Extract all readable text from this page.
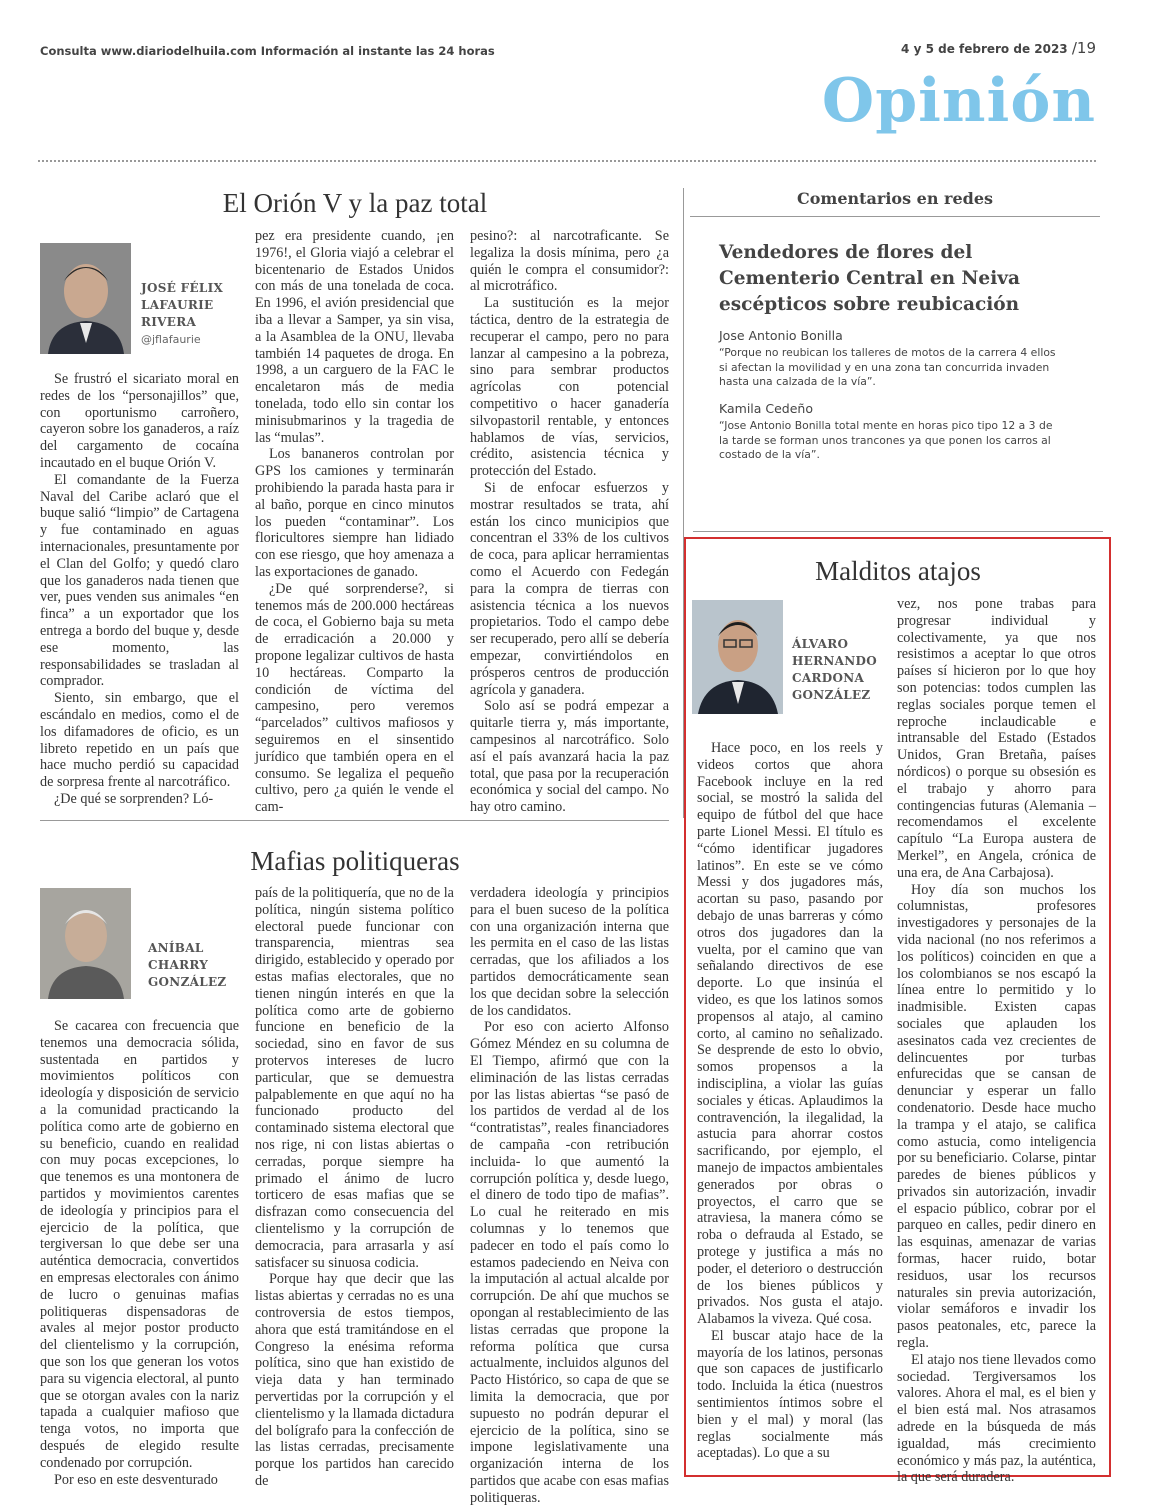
Consulta www.diariodelhuila.com Información al instante las 24 horas	4 y 5 de febrero de 2023 /19
Opinión
El Orión V y la paz total
JOSÉ FÉLIX LAFAURIE RIVERA
@jflafaurie

Se frustró el sicariato moral en redes de los “personajillos” que, con oportunismo carroñero, cayeron sobre los ganaderos, a raíz del cargamento de cocaína incautado en el buque Orión V.

El comandante de la Fuerza Naval del Caribe aclaró que el buque salió “limpio” de Cartagena y fue contaminado en aguas internacionales, presuntamente por el Clan del Golfo; y quedó claro que los ganaderos nada tienen que ver, pues venden sus animales “en finca” a un exportador que los entrega a bordo del buque y, desde ese momento, las responsabilidades se trasladan al comprador.

Siento, sin embargo, que el escándalo en medios, como el de los difamadores de oficio, es un libreto repetido en un país que hace mucho perdió su capacidad de sorpresa frente al narcotráfico.

¿De qué se sorprenden? Ló-

pez era presidente cuando, ¡en 1976!, el Gloria viajó a celebrar el bicentenario de Estados Unidos con más de una tonelada de coca. En 1996, el avión presidencial que iba a llevar a Samper, ya sin visa, a la Asamblea de la ONU, llevaba también 14 paquetes de droga. En 1998, a un carguero de la FAC le encaletaron más de media tonelada, todo ello sin contar los minisubmarinos y la tragedia de las “mulas”.

Los bananeros controlan por GPS los camiones y terminarán prohibiendo la parada hasta para ir al baño, porque en cinco minutos los pueden “contaminar”. Los floricultores siempre han lidiado con ese riesgo, que hoy amenaza a las exportaciones de ganado.

¿De qué sorprenderse?, si tenemos más de 200.000 hectáreas de coca, el Gobierno baja su meta de erradicación a 20.000 y propone legalizar cultivos de hasta 10 hectáreas. Comparto la condición de víctima del campesino, pero veremos “parcelados” cultivos mafiosos y seguiremos en el sinsentido jurídico que también opera en el consumo. Se legaliza el pequeño cultivo, pero ¿a quién le vende el cam-

pesino?: al narcotraficante. Se legaliza la dosis mínima, pero ¿a quién le compra el consumidor?: al microtráfico.

La sustitución es la mejor táctica, dentro de la estrategia de recuperar el campo, pero no para lanzar al campesino a la pobreza, sino para sembrar productos agrícolas con potencial competitivo o hacer ganadería silvopastoril rentable, y entonces hablamos de vías, servicios, crédito, asistencia técnica y protección del Estado.

Si de enfocar esfuerzos y mostrar resultados se trata, ahí están los cinco municipios que concentran el 33% de los cultivos de coca, para aplicar herramientas como el Acuerdo con Fedegán para la compra de tierras con asistencia técnica a los nuevos propietarios. Todo el campo debe ser recuperado, pero allí se debería empezar, convirtiéndolos en prósperos centros de producción agrícola y ganadera.

Solo así se podrá empezar a quitarle tierra y, más importante, campesinos al narcotráfico. Solo así el país avanzará hacia la paz total, que pasa por la recuperación económica y social del campo. No hay otro camino.

Mafias politiqueras
ANÍBAL CHARRY GONZÁLEZ

Se cacarea con frecuencia que tenemos una democracia sólida, sustentada en partidos y movimientos políticos con ideología y disposición de servicio a la comunidad practicando la política como arte de gobierno en su beneficio, cuando en realidad con muy pocas excepciones, lo que tenemos es una montonera de partidos y movimientos carentes de ideología y principios para el ejercicio de la política, que tergiversan lo que debe ser una auténtica democracia, convertidos en empresas electorales con ánimo de lucro o genuinas mafias politiqueras dispensadoras de avales al mejor postor producto del clientelismo y la corrupción, que son los que generan los votos para su vigencia electoral, al punto que se otorgan avales con la nariz tapada a cualquier mafioso que tenga votos, no importa que después de elegido resulte condenado por corrupción.

Por eso en este desventurado

país de la politiquería, que no de la política, ningún sistema político electoral puede funcionar con transparencia, mientras sea dirigido, establecido y operado por estas mafias electorales, que no tienen ningún interés en que la política como arte de gobierno funcione en beneficio de la sociedad, sino en favor de sus protervos intereses de lucro particular, que se demuestra palpablemente en que aquí no ha funcionado producto del contaminado sistema electoral que nos rige, ni con listas abiertas o cerradas, porque siempre ha primado el ánimo de lucro torticero de esas mafias que se disfrazan como consecuencia del clientelismo y la corrupción de democracia, para arrasarla y así satisfacer su sinuosa codicia.

Porque hay que decir que las listas abiertas y cerradas no es una controversia de estos tiempos, ahora que está tramitándose en el Congreso la enésima reforma política, sino que han existido de vieja data y han terminado pervertidas por la corrupción y el clientelismo y la llamada dictadura del bolígrafo para la confección de las listas cerradas, precisamente porque los partidos han carecido de

verdadera ideología y principios para el buen suceso de la política con una organización interna que les permita en el caso de las listas cerradas, que los afiliados a los partidos democráticamente sean los que decidan sobre la selección de los candidatos.

Por eso con acierto Alfonso Gómez Méndez en su columna de El Tiempo, afirmó que con la eliminación de las listas cerradas por las listas abiertas “se pasó de los partidos de verdad al de los “contratistas”, reales financiadores de campaña -con retribución incluida- lo que aumentó la corrupción política y, desde luego, el dinero de todo tipo de mafias”. Lo cual he reiterado en mis columnas y lo tenemos que padecer en todo el país como lo estamos padeciendo en Neiva con la imputación al actual alcalde por corrupción. De ahí que muchos se opongan al restablecimiento de las listas cerradas que propone la reforma política que cursa actualmente, incluidos algunos del Pacto Histórico, so capa de que se limita la democracia, que por supuesto no podrán depurar el ejercicio de la política, sino se impone legislativamente una organización interna de los partidos que acabe con esas mafias politiqueras.

Comentarios en redes
Vendedores de flores del Cementerio Central en Neiva escépticos sobre reubicación
Jose Antonio Bonilla
“Porque no reubican los talleres de motos de la carrera 4 ellos si afectan la movilidad y en una zona tan concurrida invaden hasta una calzada de la vía”.
Kamila Cedeño
“Jose Antonio Bonilla total mente en horas pico tipo 12 a 3 de la tarde se forman unos trancones ya que ponen los carros al costado de la vía”.
Malditos atajos
ÁLVARO HERNANDO CARDONA GONZÁLEZ

Hace poco, en los reels y videos cortos que ahora Facebook incluye en la red social, se mostró la salida del equipo de fútbol del que hace parte Lionel Messi. El título es “cómo identificar jugadores latinos”. En este se ve cómo Messi y dos jugadores más, acortan su paso, pasando por debajo de unas barreras y cómo otros dos jugadores dan la vuelta, por el camino que van señalando directivos de ese deporte. Lo que insinúa el video, es que los latinos somos propensos al atajo, al camino corto, al camino no señalizado. Se desprende de esto lo obvio, somos propensos a la indisciplina, a violar las guías sociales y éticas. Aplaudimos la contravención, la ilegalidad, la astucia para ahorrar costos sacrificando, por ejemplo, el manejo de impactos ambientales generados por obras o proyectos, el carro que se atraviesa, la manera cómo se roba o defrauda al Estado, se protege y justifica a más no poder, el deterioro o destrucción de los bienes públicos y privados. Nos gusta el atajo. Alabamos la viveza. Qué cosa.

El buscar atajo hace de la mayoría de los latinos, personas que son capaces de justificarlo todo. Incluida la ética (nuestros sentimientos íntimos sobre el bien y el mal) y moral (las reglas socialmente más aceptadas). Lo que a su

vez, nos pone trabas para progresar individual y colectivamente, ya que nos resistimos a aceptar lo que otros países sí hicieron por lo que hoy son potencias: todos cumplen las reglas sociales porque temen el reproche inclaudicable e intransable del Estado (Estados Unidos, Gran Bretaña, países nórdicos) o porque su obsesión es el trabajo y ahorro para contingencias futuras (Alemania – recomendamos el excelente capítulo “La Europa austera de Merkel”, en Angela, crónica de una era, de Ana Carbajosa).

Hoy día son muchos los columnistas, profesores investigadores y personajes de la vida nacional (no nos referimos a los políticos) coinciden en que a los colombianos se nos escapó la línea entre lo permitido y lo inadmisible. Existen capas sociales que aplauden los asesinatos cada vez crecientes de delincuentes por turbas enfurecidas que se cansan de denunciar y esperar un fallo condenatorio. Desde hace mucho la trampa y el atajo, se califica como astucia, como inteligencia por su beneficiario. Colarse, pintar paredes de bienes públicos y privados sin autorización, invadir el espacio público, cobrar por el parqueo en calles, pedir dinero en las esquinas, amenazar de varias formas, hacer ruido, botar residuos, usar los recursos naturales sin previa autorización, violar semáforos e invadir los pasos peatonales, etc, parece la regla.

El atajo nos tiene llevados como sociedad. Tergiversamos los valores. Ahora el mal, es el bien y el bien está mal. Nos atrasamos adrede en la búsqueda de más igualdad, más crecimiento económico y más paz, la auténtica, la que será duradera.
